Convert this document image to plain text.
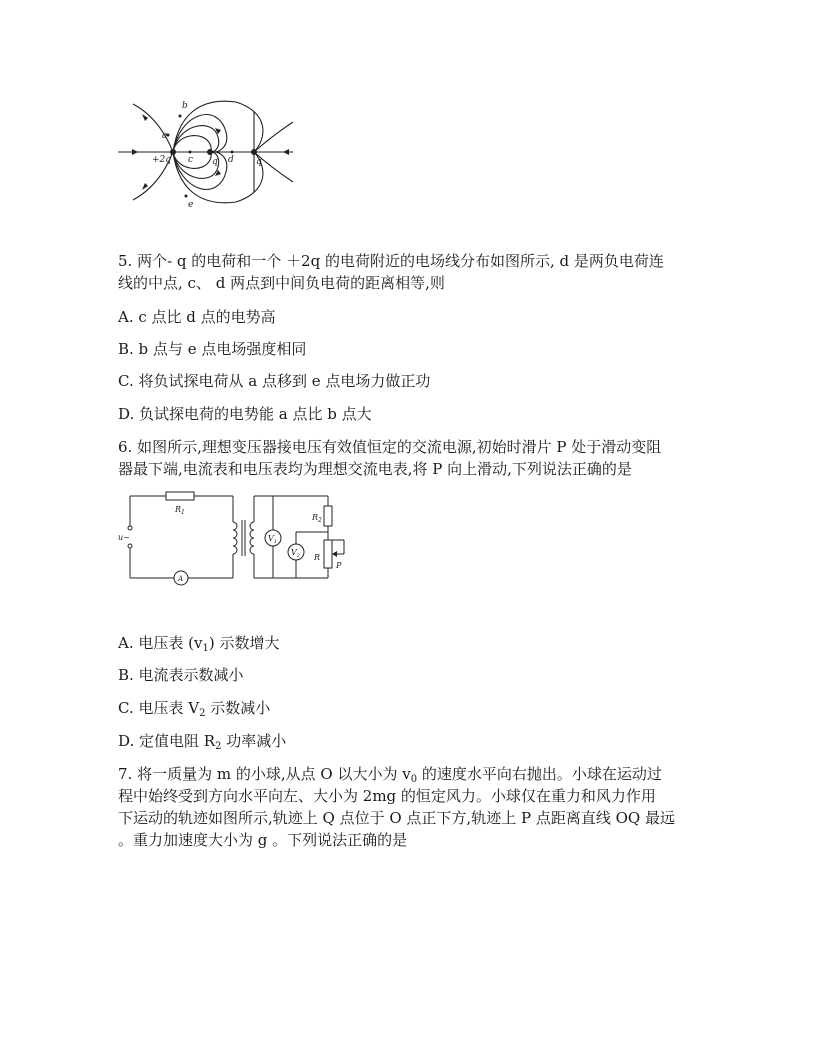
a
b
c	d
e
q	q
+2q
5. 两个- q 的电荷和一个 ＋2q 的电荷附近的电场线分布如图所示, d 是两负电荷连
线的中点, c、 d 两点到中间负电荷的距离相等,则
A. c 点比 d 点的电势高
B. b 点与 e 点电场强度相同
C. 将负试探电荷从 a 点移到 e 点电场力做正功
D. 负试探电荷的电势能 a 点比 b 点大
6. 如图所示,理想变压器接电压有效值恒定的交流电源,初始时滑片 P 处于滑动变阻
器最下端,电流表和电压表均为理想交流电表,将 P 向上滑动,下列说法正确的是
$R_1$
$R_2$
R
P
$V_1$
$V_2$
A
u~
A. 电压表 $(v_1)$ 示数增大
B. 电流表示数减小
C. 电压表 $V_2$ 示数减小
D. 定值电阻 $R_2$ 功率减小
7. 将一质量为 m 的小球,从点 O 以大小为 $v_0$ 的速度水平向右抛出。小球在运动过
程中始终受到方向水平向左、大小为 2mg 的恒定风力。小球仅在重力和风力作用
下运动的轨迹如图所示,轨迹上 Q 点位于 O 点正下方,轨迹上 P 点距离直线 OQ 最远
。重力加速度大小为 g 。下列说法正确的是
